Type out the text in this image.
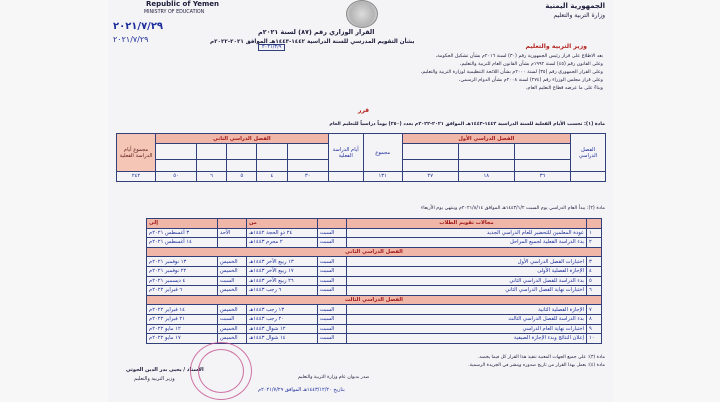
Republic of Yemen
MINISTRY OF EDUCATION
٢٠٢١/٧/٢٩
٢٠٢١/٧/٢٩
الجمهورية اليمنية
وزارة التربية والتعليم
القرار الوزاري رقم (٨٧) لسنة ٢٠٢١م
بشأن التقويم المدرسي للسنة الدراسية ١٤٤٢-١٤٤٣هـ الموافق ٢٠٢١-٢٠٢٢م
٢٠٢١/٣/٩	وزير التربية والتعليم
بعد الاطلاع على قرار رئيس الجمهورية رقم (٣٠) لسنة ٢٠١٦م بشأن تشكيل الحكومة،
وعلى القانون رقم (٤٥) لسنة ١٩٩٢م بشأن القانون العام للتربية والتعليم،
وعلى القرار الجمهوري رقم (٣٥) لسنة ٢٠٠٠م بشأن اللائحة التنظيمية لوزارة التربية والتعليم،
وعلى قرار مجلس الوزراء رقم (٢٧٤) لسنة ٢٠٠٨م بشأن الدوام الرسمي،
وبناءً على ما عرضه قطاع التعليم العام،
قرر
مادة (١): تحسب الأيام الفعلية للسنة الدراسية ١٤٤٢-١٤٤٣هـ الموافق ٢٠٢١-٢٠٢٢م بعدد (٢٥٠) يوماً دراسياً للتعليم العام
مجموع أيام الدراسة الفعلية	الفصل الدراسي الثاني					أيام الدراسة الفعلية	مجموع	الفصل الدراسي الأول			الفصل الدراسي

٢٤٢	٥٠	٦	٥	٤	٣٠		١٣١	٢٧	١٨	٣٦	
مادة (٢): يبدأ العام الدراسي يوم السبت ١٤٤٣/١/٢هـ الموافق ٢٠٢١/٨/١٤م وينتهي يوم الأربعاء
إلى		من		مجالات تقويم الطلاب	
٣ أغسطس ٢٠٢١م	الأحد	٢٤ ذو الحجة ١٤٤٢هـ	السبت	عودة المعلمين للتحضير للعام الدراسي الجديد	١
١٤ أغسطس ٢٠٢١م		٢ محرم ١٤٤٣هـ	السبت	بدء الدراسة الفعلية لجميع المراحل	٢
الفصل الدراسي الثاني					
١٣ نوفمبر ٢٠٢١م	الخميس	١٣ ربيع الآخر ١٤٤٣هـ	السبت	اختبارات الفصل الدراسي الأول	٣
٢٢ نوفمبر ٢٠٢١م	الخميس	١٧ ربيع الآخر ١٤٤٣هـ	السبت	الإجازة الفصلية الأولى	٤
٤ ديسمبر ٢٠٢١م	السبت	٢٦ ربيع الآخر ١٤٤٣هـ	السبت	بدء الدراسة للفصل الدراسي الثاني	٥
٦ فبراير ٢٠٢٢م	الخميس	٦ رجب ١٤٤٣هـ	السبت	اختبارات نهاية الفصل الدراسي الثاني	٦
الفصل الدراسي الثالث					
١٤ فبراير ٢٠٢٢م	الخميس	١٣ رجب ١٤٤٣هـ	السبت	الإجازة الفصلية الثانية	٧
٢١ فبراير ٢٠٢٢م	السبت	٢٠ رجب ١٤٤٣هـ	السبت	بدء الدراسة للفصل الدراسي الثالث	٨
١٢ مايو ٢٠٢٢م	الخميس	١٢ شوال ١٤٤٣هـ	السبت	اختبارات نهاية العام الدراسي	٩
١٧ مايو ٢٠٢٢م	الخميس	١٤ شوال ١٤٤٣هـ	السبت	إعلان النتائج وبدء الإجازة الصيفية	١٠
مادة (٣): على جميع الجهات المعنية تنفيذ هذا القرار كل فيما يخصه.
مادة (٤): يعمل بهذا القرار من تاريخ صدوره وينشر في الجريدة الرسمية.
الأستاذ / يحيى بدر الدين الحوثي
وزير التربية والتعليم	صدر بديوان عام وزارة التربية والتعليم
بتاريخ ١٤٤٣/١٢/٢٠هـ الموافق ٢٠٢١/٧/٢٩م
